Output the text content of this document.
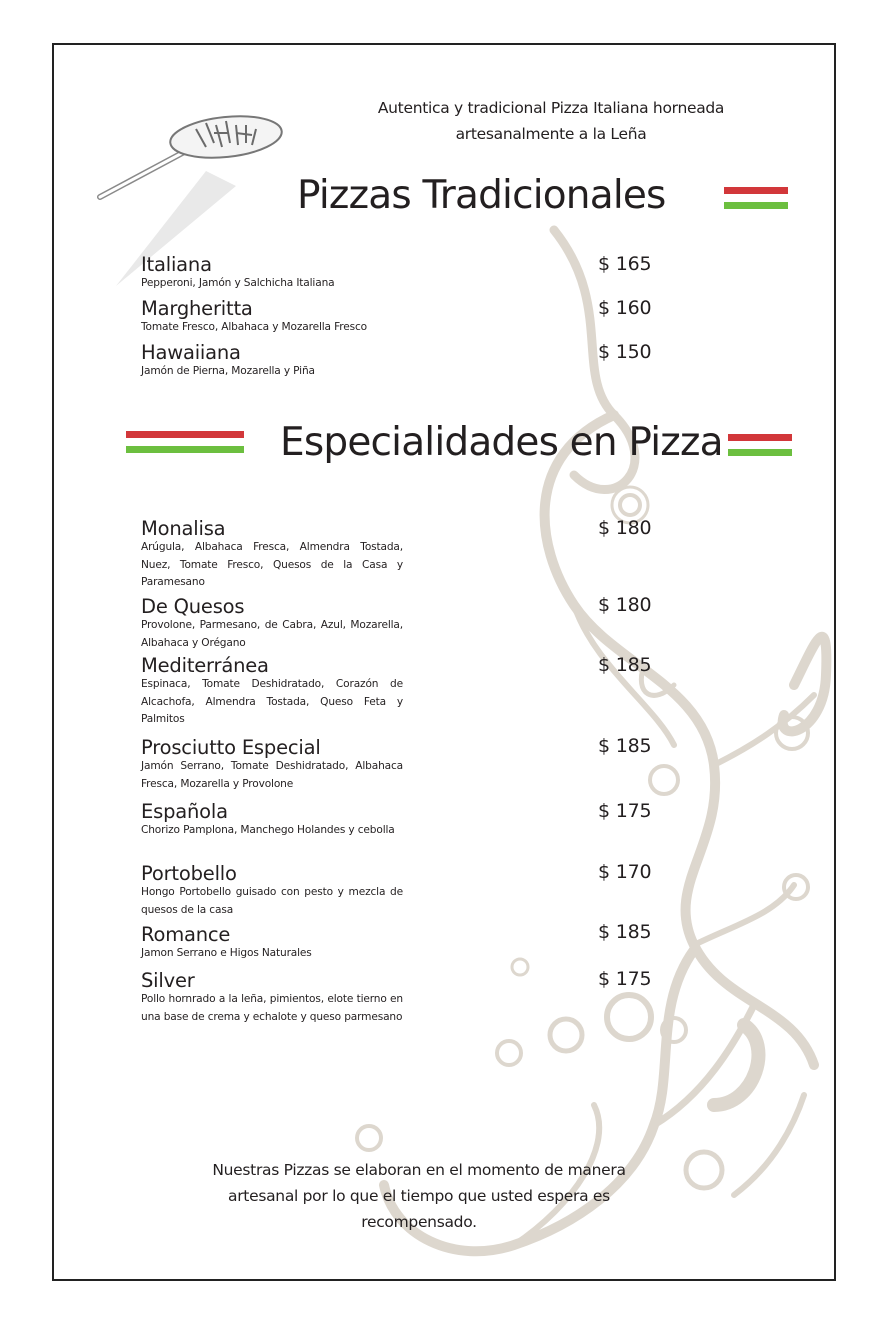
Autentica y tradicional Pizza Italiana horneada
artesanalmente a la Leña
Pizzas Tradicionales
Italiana
Pepperoni, Jamón y Salchicha Italiana
$ 165
Margheritta
Tomate Fresco, Albahaca y Mozarella Fresco
$ 160
Hawaiiana
Jamón de Pierna, Mozarella y Piña
$ 150
Especialidades en Pizza
Monalisa
Arúgula, Albahaca Fresca, Almendra Tostada, Nuez, Tomate Fresco, Quesos de la Casa y Paramesano
$ 180
De Quesos
Provolone, Parmesano, de Cabra, Azul, Mozarella, Albahaca y Orégano
$ 180
Mediterránea
Espinaca, Tomate Deshidratado, Corazón de Alcachofa, Almendra Tostada, Queso Feta y Palmitos
$ 185
Prosciutto Especial
Jamón Serrano, Tomate Deshidratado, Albahaca Fresca, Mozarella y Provolone
$ 185
Española
Chorizo Pamplona, Manchego Holandes y cebolla
$ 175
Portobello
Hongo Portobello guisado con pesto y mezcla de quesos de la casa
$ 170
Romance
Jamon Serrano e Higos Naturales
$ 185
Silver
Pollo hornrado a la leña, pimientos, elote tierno en una base de crema y echalote y queso parmesano
$ 175
Nuestras Pizzas se elaboran en el momento de manera
artesanal por lo que el tiempo que usted espera es
recompensado.
